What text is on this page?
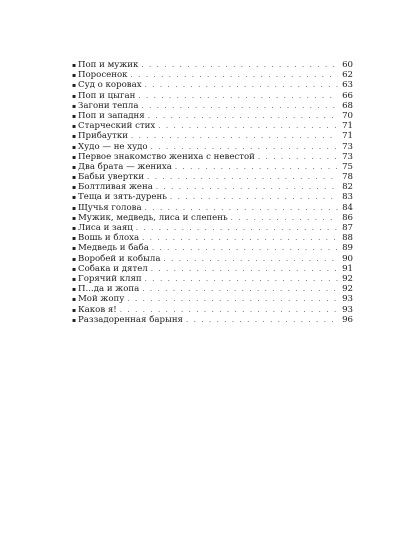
▪ Поп и мужик . . .	60
▪ Поросенок . . .	62
▪ Суд о коровах . . .	63
▪ Поп и цыган . . .	66
▪ Загони тепла . . .	68
▪ Поп и западня . . .	70
▪ Старческий стих . . .	71
▪ Прибаутки . . .	71
▪ Худо — не худо . . .	73
▪ Первое знакомство жениха с невестой . . .	73
▪ Два брата — жениха . . .	75
▪ Бабьи увертки . . .	78
▪ Болтливая жена . . .	82
▪ Теща и зять-дурень . . .	83
▪ Щучья голова . . .	84
▪ Мужик, медведь, лиса и слепень . . .	86
▪ Лиса и заяц . . .	87
▪ Вошь и блоха . . .	88
▪ Медведь и баба . . .	89
▪ Воробей и кобыла . . .	90
▪ Собака и дятел . . .	91
▪ Горячий кляп . . .	92
▪ П...да и жопа . . .	92
▪ Мой жопу . . .	93
▪ Каков я! . . .	93
▪ Раззадоренная барыня . . .	96
